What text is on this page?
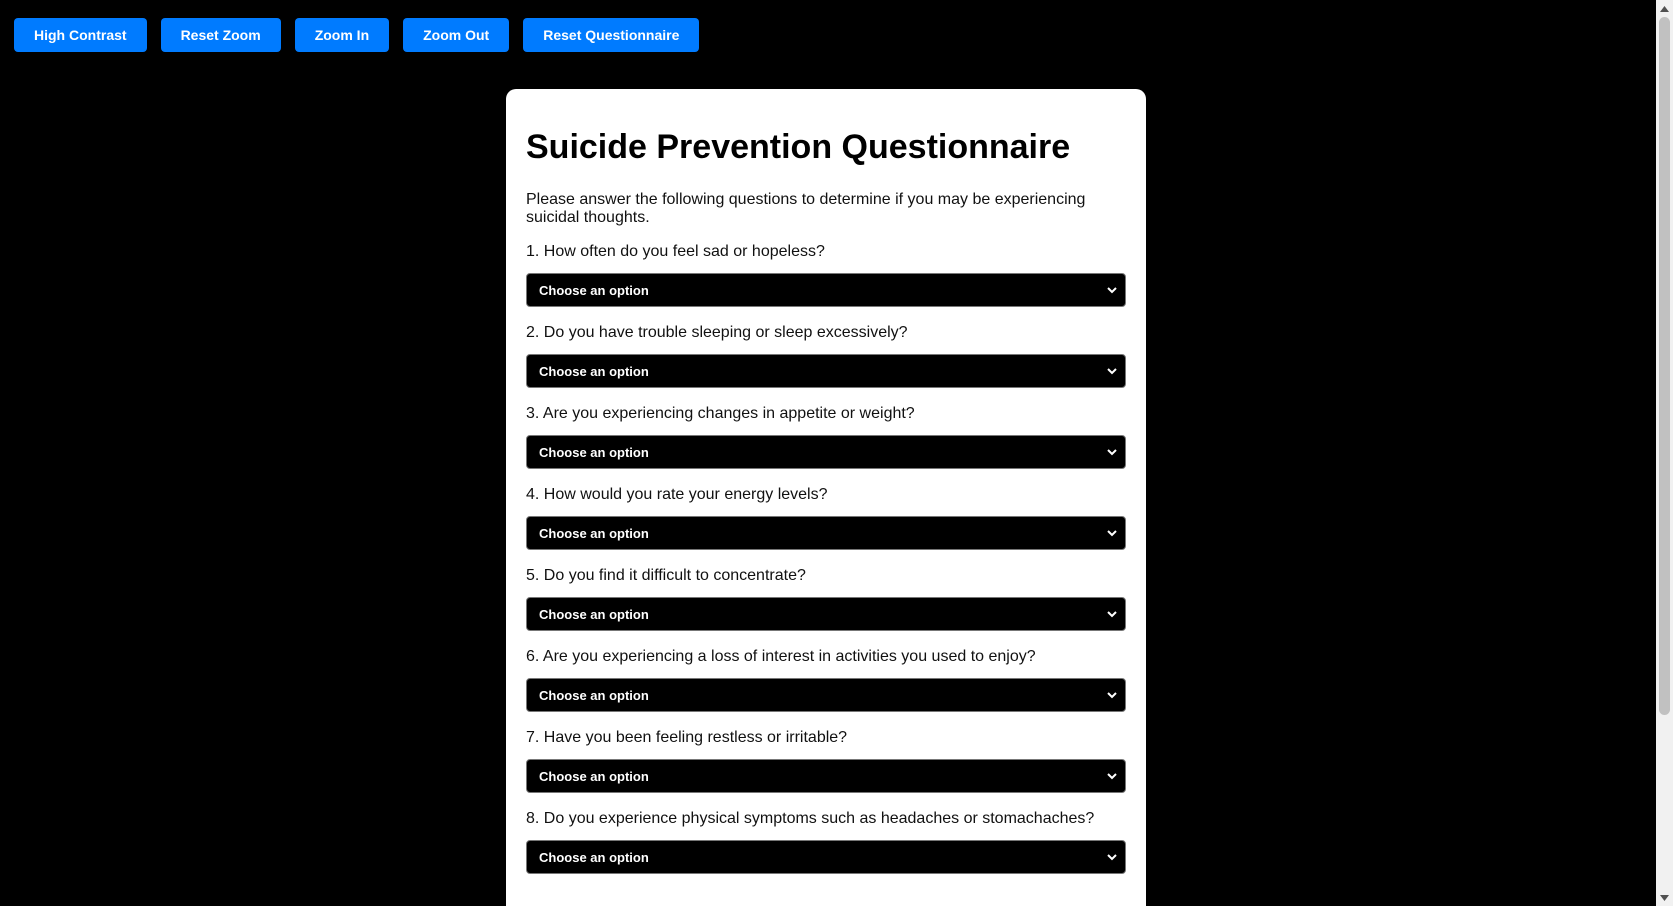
High Contrast	Reset Zoom	Zoom In	Zoom Out	Reset Questionnaire
Suicide Prevention Questionnaire

Please answer the following questions to determine if you may be experiencing suicidal thoughts.

1. How often do you feel sad or hopeless?
Choose an option
2. Do you have trouble sleeping or sleep excessively?
Choose an option
3. Are you experiencing changes in appetite or weight?
Choose an option
4. How would you rate your energy levels?
Choose an option
5. Do you find it difficult to concentrate?
Choose an option
6. Are you experiencing a loss of interest in activities you used to enjoy?
Choose an option
7. Have you been feeling restless or irritable?
Choose an option
8. Do you experience physical symptoms such as headaches or stomachaches?
Choose an option
